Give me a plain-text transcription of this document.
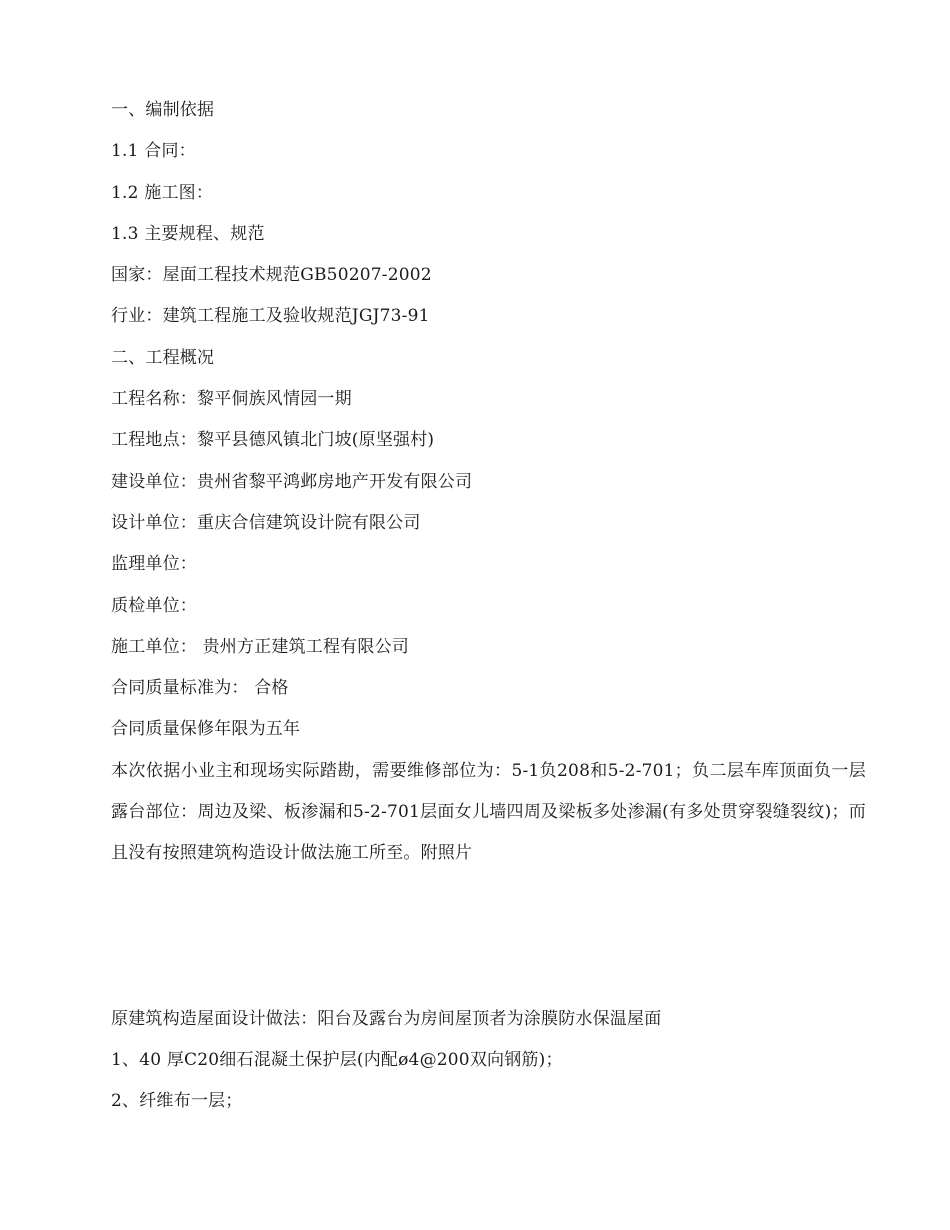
一、编制依据
1.1 合同：
1.2 施工图：
1.3 主要规程、规范
国家：屋面工程技术规范GB50207-2002
行业：建筑工程施工及验收规范JGJ73-91
二、工程概况
工程名称：黎平侗族风情园一期
工程地点：黎平县德风镇北门坡(原坚强村)
建设单位：贵州省黎平鸿邺房地产开发有限公司
设计单位：重庆合信建筑设计院有限公司
监理单位：
质检单位：
施工单位： 贵州方正建筑工程有限公司
合同质量标准为： 合格
合同质量保修年限为五年
本次依据小业主和现场实际踏勘，需要维修部位为：5-1负208和5-2-701；负二层车库顶面负一层露台部位：周边及梁、板渗漏和5-2-701层面女儿墙四周及梁板多处渗漏(有多处贯穿裂缝裂纹)；而且没有按照建筑构造设计做法施工所至。附照片
原建筑构造屋面设计做法：阳台及露台为房间屋顶者为涂膜防水保温屋面
1、40 厚C20细石混凝土保护层(内配ø4@200双向钢筋)；
2、纤维布一层；
